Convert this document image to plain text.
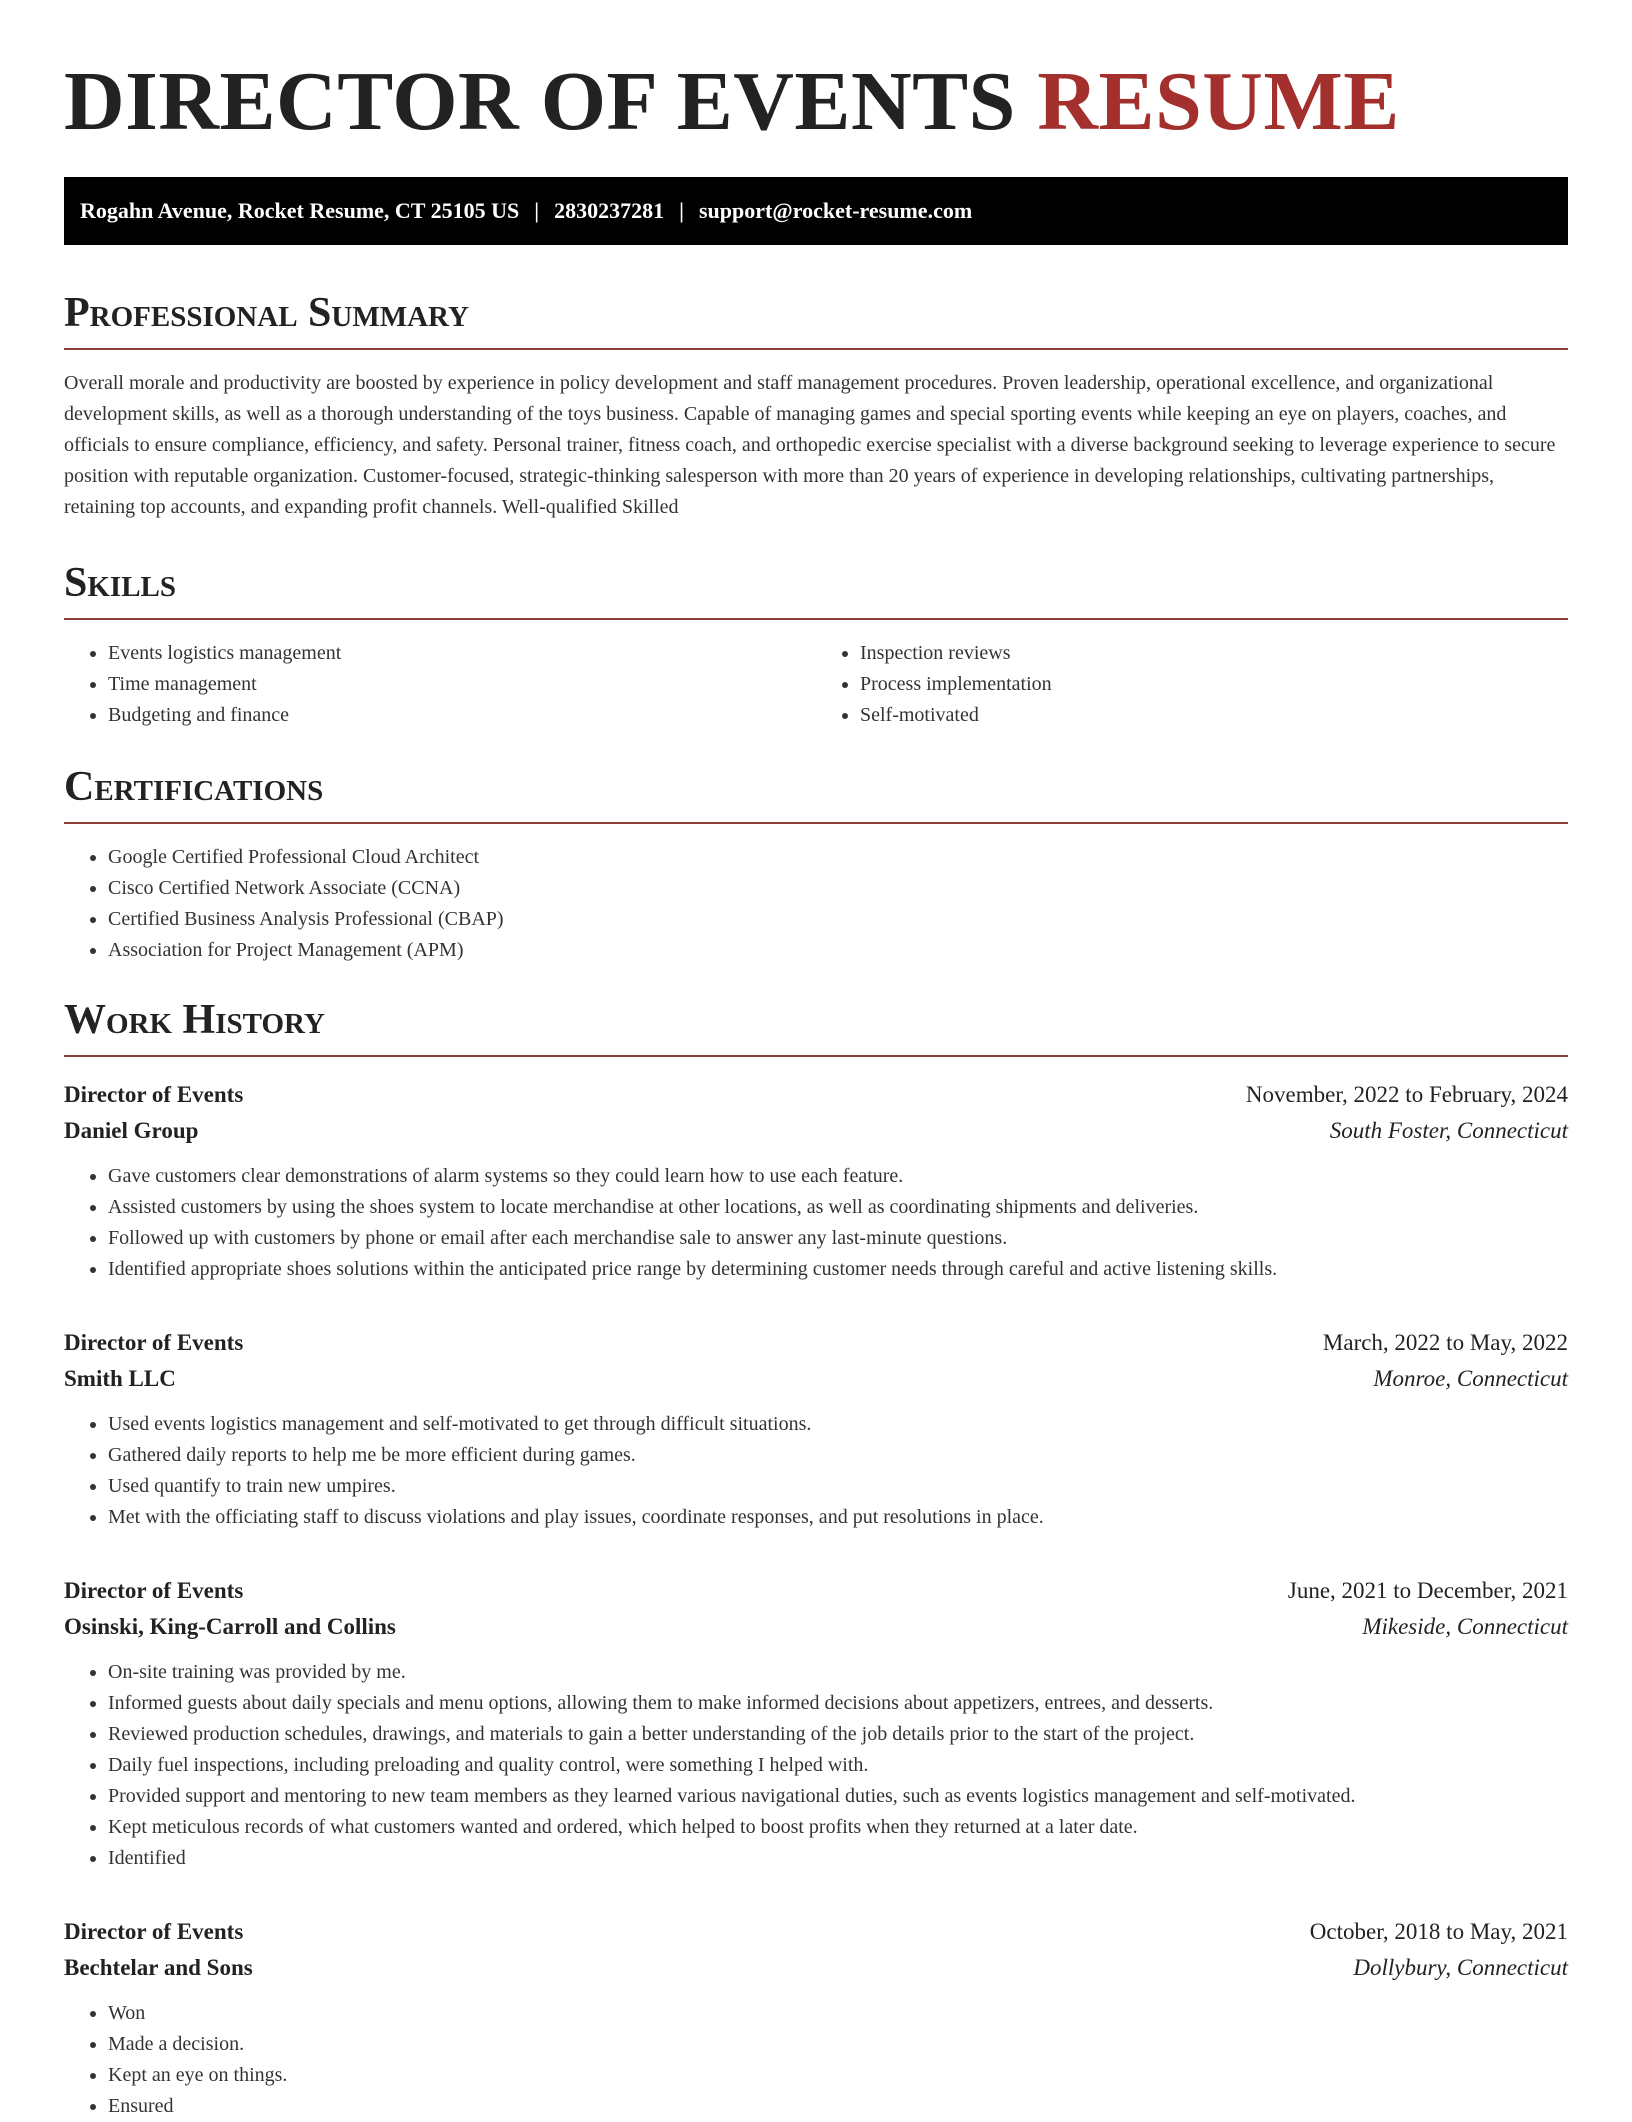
DIRECTOR OF EVENTS RESUME
Rogahn Avenue, Rocket Resume, CT 25105 US | 2830237281 | support@rocket-resume.com
Professional Summary
Overall morale and productivity are boosted by experience in policy development and staff management procedures. Proven leadership, operational excellence, and organizational development skills, as well as a thorough understanding of the toys business. Capable of managing games and special sporting events while keeping an eye on players, coaches, and officials to ensure compliance, efficiency, and safety. Personal trainer, fitness coach, and orthopedic exercise specialist with a diverse background seeking to leverage experience to secure position with reputable organization. Customer-focused, strategic-thinking salesperson with more than 20 years of experience in developing relationships, cultivating partnerships, retaining top accounts, and expanding profit channels. Well-qualified Skilled
Skills
• Events logistics management
• Time management
• Budgeting and finance
• Inspection reviews
• Process implementation
• Self-motivated
Certifications
• Google Certified Professional Cloud Architect
• Cisco Certified Network Associate (CCNA)
• Certified Business Analysis Professional (CBAP)
• Association for Project Management (APM)
Work History
Director of Events	November, 2022 to February, 2024
Daniel Group	South Foster, Connecticut
• Gave customers clear demonstrations of alarm systems so they could learn how to use each feature.
• Assisted customers by using the shoes system to locate merchandise at other locations, as well as coordinating shipments and deliveries.
• Followed up with customers by phone or email after each merchandise sale to answer any last-minute questions.
• Identified appropriate shoes solutions within the anticipated price range by determining customer needs through careful and active listening skills.
Director of Events	March, 2022 to May, 2022
Smith LLC	Monroe, Connecticut
• Used events logistics management and self-motivated to get through difficult situations.
• Gathered daily reports to help me be more efficient during games.
• Used quantify to train new umpires.
• Met with the officiating staff to discuss violations and play issues, coordinate responses, and put resolutions in place.
Director of Events	June, 2021 to December, 2021
Osinski, King-Carroll and Collins	Mikeside, Connecticut
• On-site training was provided by me.
• Informed guests about daily specials and menu options, allowing them to make informed decisions about appetizers, entrees, and desserts.
• Reviewed production schedules, drawings, and materials to gain a better understanding of the job details prior to the start of the project.
• Daily fuel inspections, including preloading and quality control, were something I helped with.
• Provided support and mentoring to new team members as they learned various navigational duties, such as events logistics management and self-motivated.
• Kept meticulous records of what customers wanted and ordered, which helped to boost profits when they returned at a later date.
• Identified
Director of Events	October, 2018 to May, 2021
Bechtelar and Sons	Dollybury, Connecticut
• Won
• Made a decision.
• Kept an eye on things.
• Ensured
